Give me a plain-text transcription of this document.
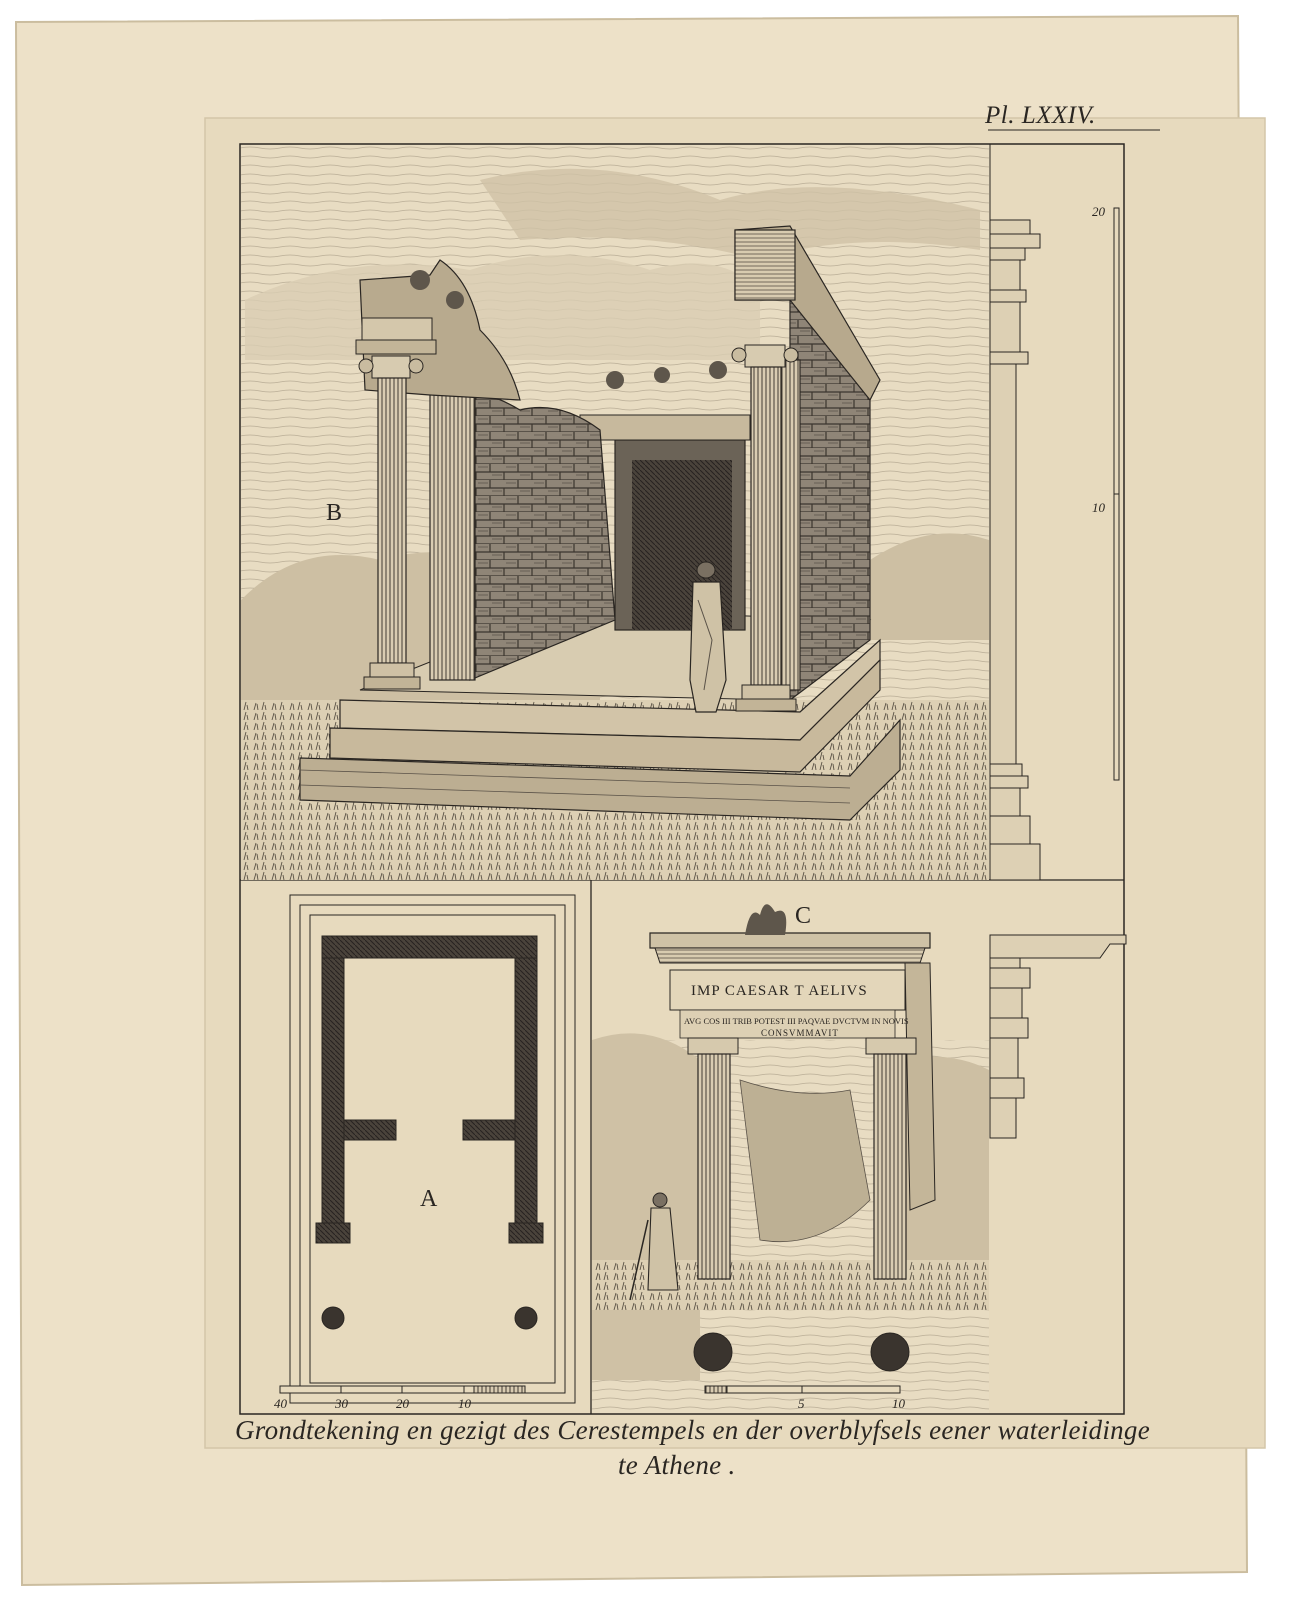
Pl. LXXIV.
B
A
C
20
10
40	30	20	10	5	10
IMP CAESAR T AELIVS
AVG COS III TRIB POTEST III PAQVAE DVCTVM IN NOVIS
CONSVMMAVIT
Grondtekening en gezigt des Cerestempels en der overblyfsels eener waterleidinge
te Athene .
